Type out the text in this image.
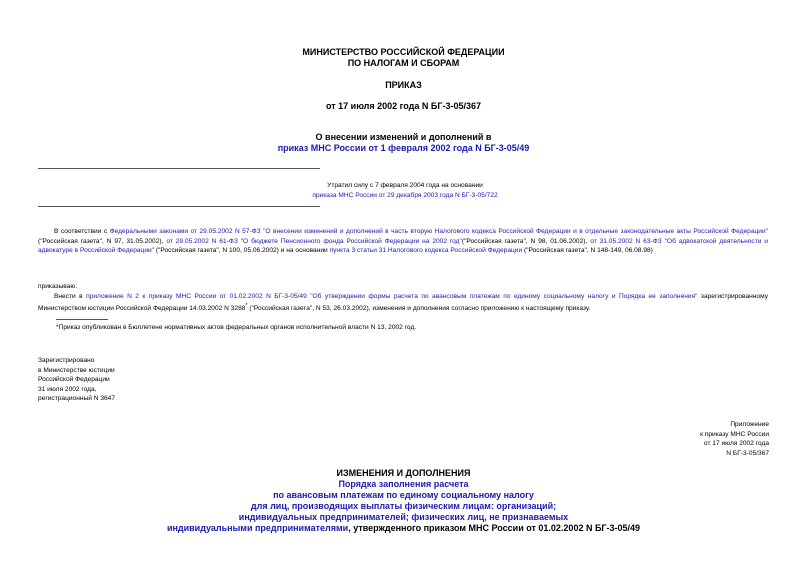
МИНИСТЕРСТВО РОССИЙСКОЙ ФЕДЕРАЦИИ
ПО НАЛОГАМ И СБОРАМ
ПРИКАЗ
от 17 июля 2002 года N БГ-3-05/367
О внесении изменений и дополнений в
приказ МНС России от 1 февраля 2002 года N БГ-3-05/49
Утратил силу с 7 февраля 2004 года на основании
приказа МНС России от 29 декабря 2003 года N БГ-3-05/722

В соответствии с Федеральными законами от 29.05.2002 N 57-ФЗ "О внесении изменений и дополнений в часть вторую Налогового кодекса Российской Федерации и в отдельные законодательные акты Российской Федерации" ("Российская газета", N 97, 31.05.2002), от 29.05.2002 N 61-ФЗ "О бюджете Пенсионного фонда Российской Федерации на 2002 год"("Российская газета", N 98, 01.06.2002), от 31.05.2002 N 63-ФЗ "Об адвокатской деятельности и адвокатуре в Российской Федерации" ("Российская газета", N 100, 05.06.2002) и на основании пункта 3 статьи 31 Налогового кодекса Российской Федерации ("Российская газета", N 148-149, 06.08.98)

приказываю:

Внести в приложение N 2 к приказу МНС России от 01.02.2002 N БГ-3-05/49 "Об утверждении формы расчета по авансовым платежам по единому социальному налогу и Порядка ее заполнения" зарегистрированному Министерством юстиции Российской Федерации 14.03.2002 N 3288* ("Российская газета", N 53, 26.03.2002), изменения и дополнения согласно приложению к настоящему приказу.

*Приказ опубликован в Бюллетене нормативных актов федеральных органов исполнительной власти N 13, 2002 год.

Зарегистрировано
в Министерстве юстиции
Российской Федерации
31 июля 2002 года,
регистрационный N 3647
Приложение
к приказу МНС России
от 17 июля 2002 года
N БГ-3-05/367
ИЗМЕНЕНИЯ И ДОПОЛНЕНИЯ
Порядка заполнения расчета
по авансовым платежам по единому социальному налогу
для лиц, производящих выплаты физическим лицам: организаций;
индивидуальных предпринимателей; физических лиц, не признаваемых
индивидуальными предпринимателями, утвержденного приказом МНС России от 01.02.2002 N БГ-3-05/49
